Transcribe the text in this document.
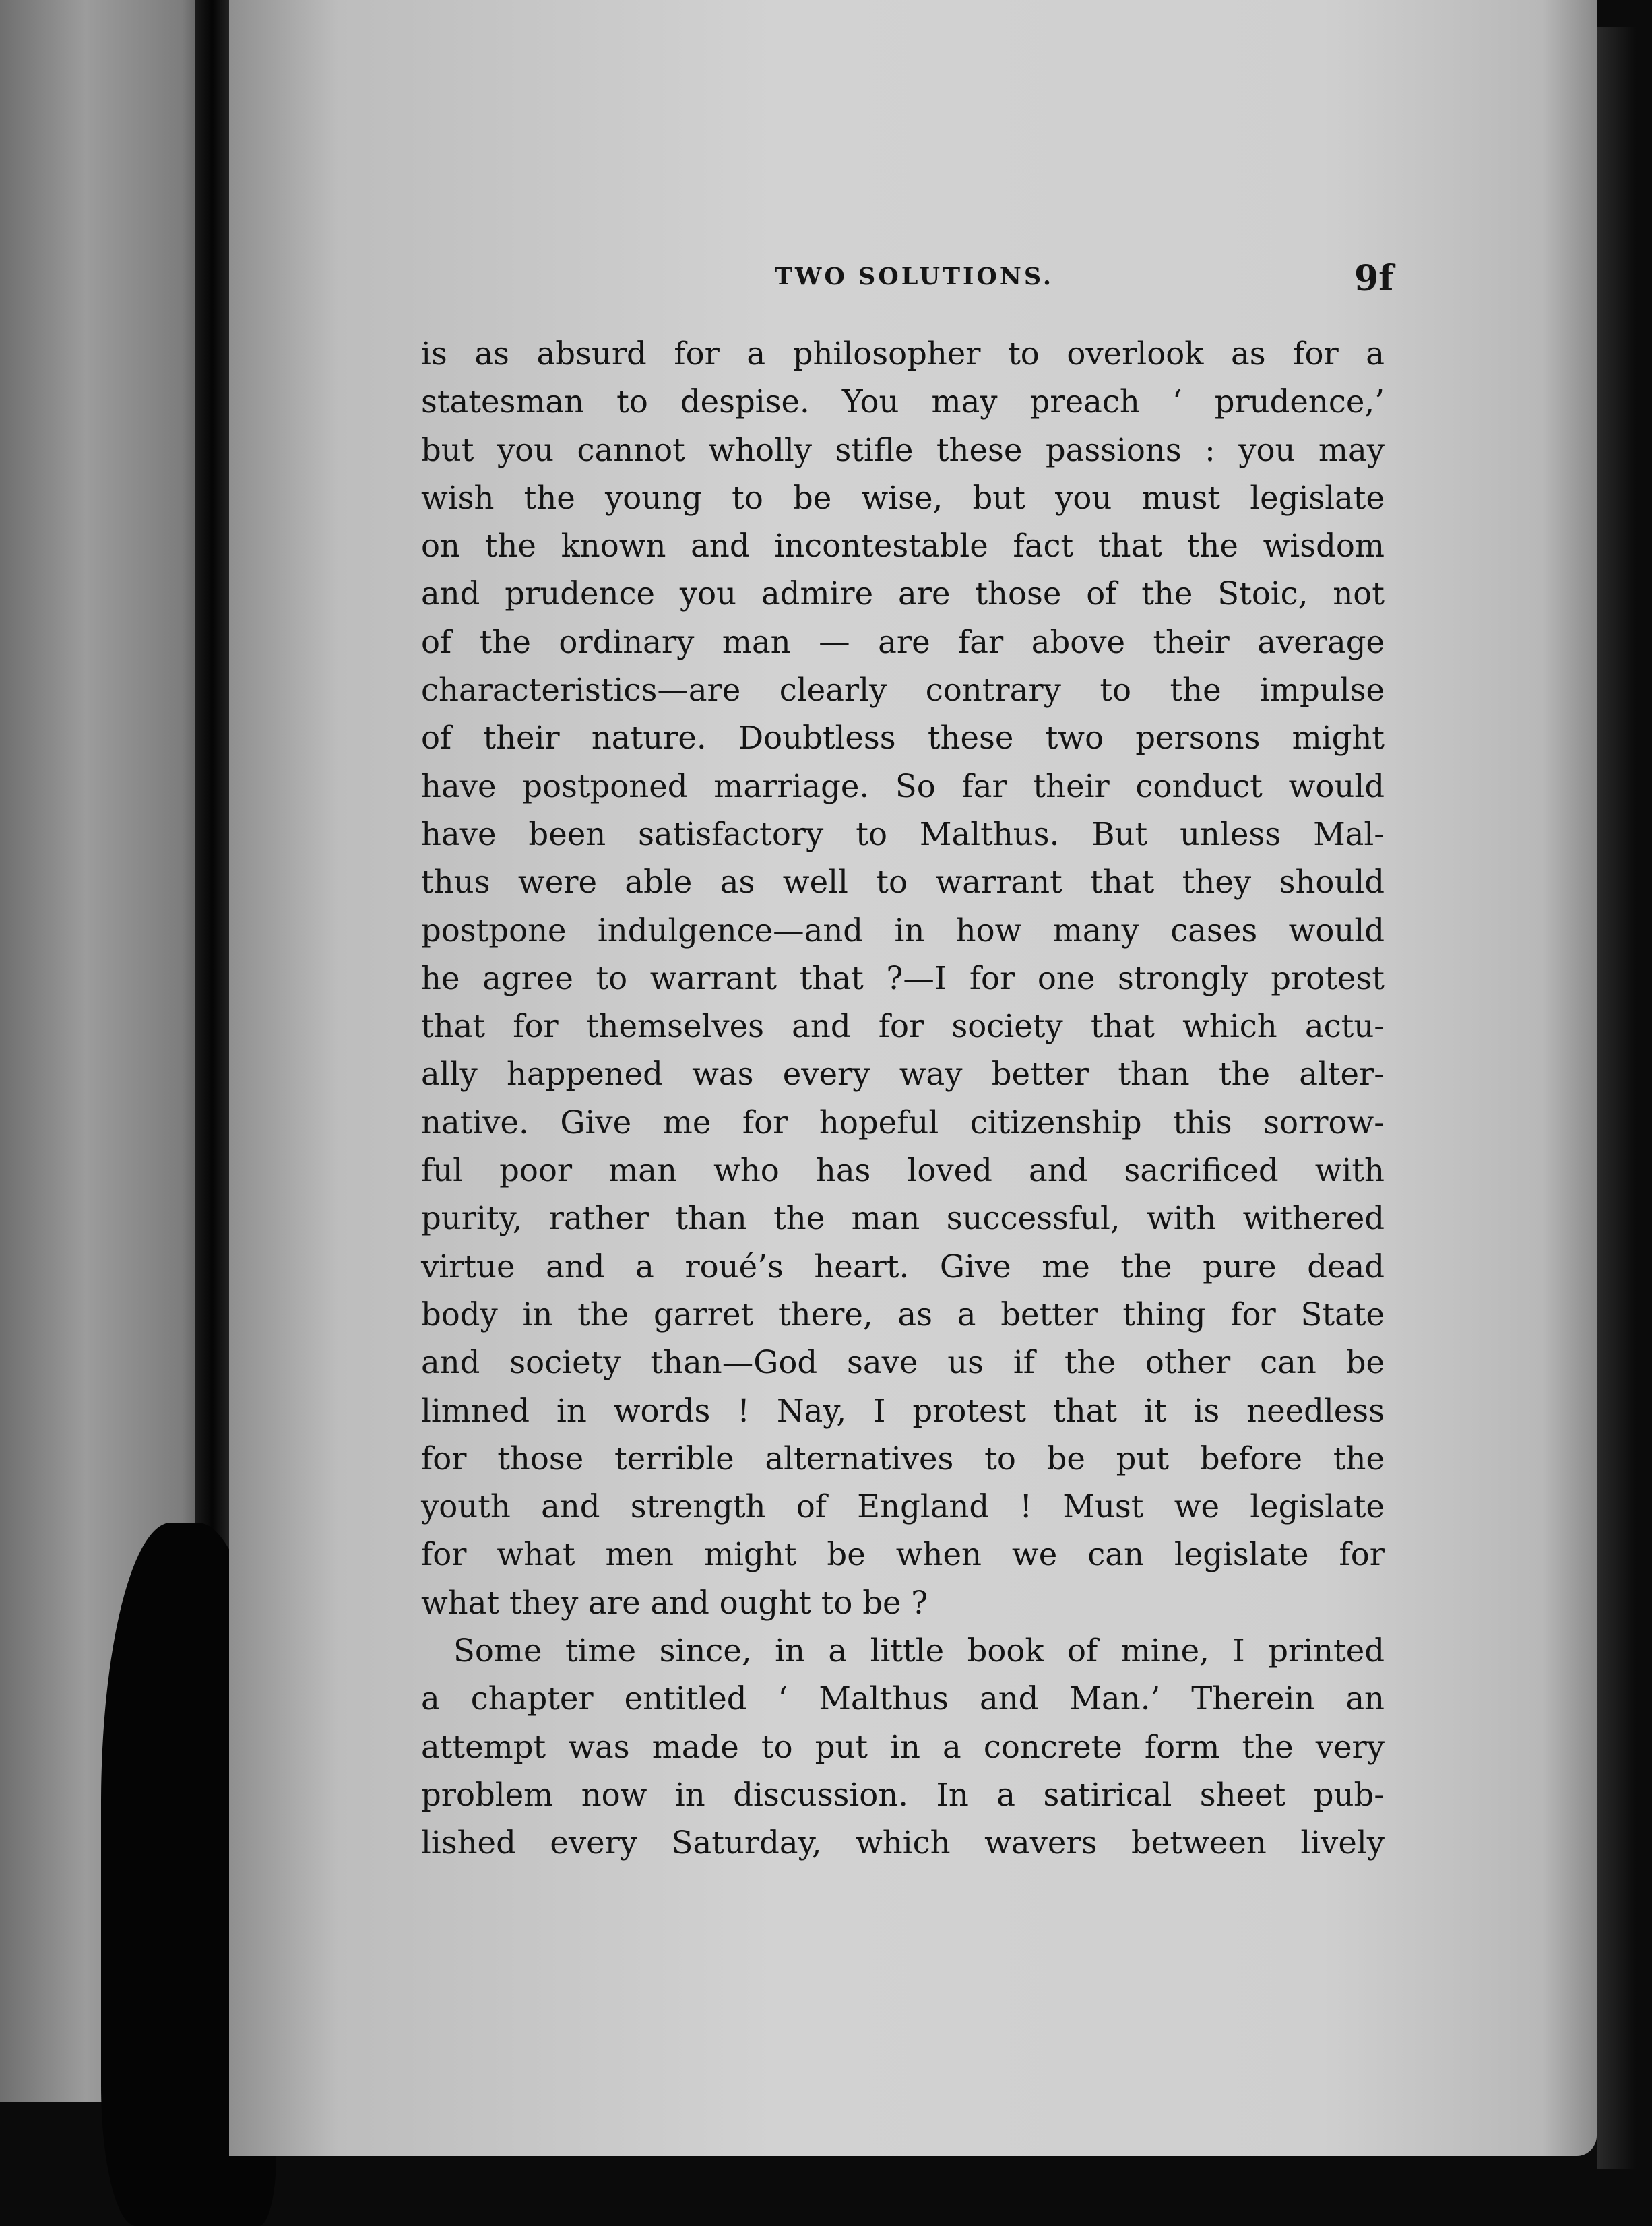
TWO SOLUTIONS.	9f
is as absurd for a philosopher to overlook as for a
statesman to despise. You may preach ‘ prudence,’
but you cannot wholly stifle these passions : you may
wish the young to be wise, but you must legislate
on the known and incontestable fact that the wisdom
and prudence you admire are those of the Stoic, not
of the ordinary man — are far above their average
characteristics—are clearly contrary to the impulse
of their nature. Doubtless these two persons might
have postponed marriage. So far their conduct would
have been satisfactory to Malthus. But unless Mal-
thus were able as well to warrant that they should
postpone indulgence—and in how many cases would
he agree to warrant that ?—I for one strongly protest
that for themselves and for society that which actu-
ally happened was every way better than the alter-
native. Give me for hopeful citizenship this sorrow-
ful poor man who has loved and sacrificed with
purity, rather than the man successful, with withered
virtue and a roué’s heart. Give me the pure dead
body in the garret there, as a better thing for State
and society than—God save us if the other can be
limned in words ! Nay, I protest that it is needless
for those terrible alternatives to be put before the
youth and strength of England ! Must we legislate
for what men might be when we can legislate for
what they are and ought to be ?
Some time since, in a little book of mine, I printed
a chapter entitled ‘ Malthus and Man.’ Therein an
attempt was made to put in a concrete form the very
problem now in discussion. In a satirical sheet pub-
lished every Saturday, which wavers between lively
